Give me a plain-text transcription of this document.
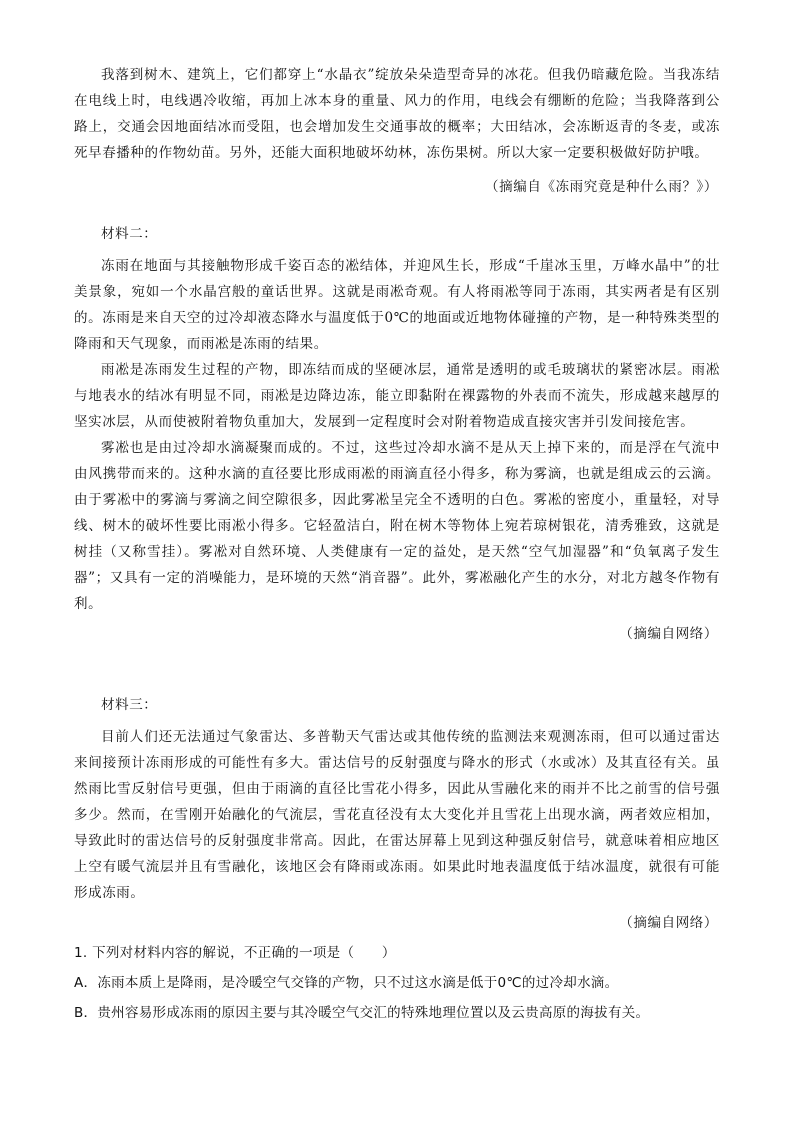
我落到树木、建筑上，它们都穿上“水晶衣”绽放朵朵造型奇异的冰花。但我仍暗藏危险。当我冻结在电线上时，电线遇冷收缩，再加上冰本身的重量、风力的作用，电线会有绷断的危险；当我降落到公路上，交通会因地面结冰而受阻，也会增加发生交通事故的概率；大田结冰，会冻断返青的冬麦，或冻死早春播种的作物幼苗。另外，还能大面积地破坏幼林，冻伤果树。所以大家一定要积极做好防护哦。

（摘编自《冻雨究竟是种什么雨？》）

材料二：

冻雨在地面与其接触物形成千姿百态的凇结体，并迎风生长，形成“千崖冰玉里，万峰水晶中”的壮美景象，宛如一个水晶宫般的童话世界。这就是雨凇奇观。有人将雨凇等同于冻雨，其实两者是有区别的。冻雨是来自天空的过冷却液态降水与温度低于0℃的地面或近地物体碰撞的产物，是一种特殊类型的降雨和天气现象，而雨凇是冻雨的结果。

雨凇是冻雨发生过程的产物，即冻结而成的坚硬冰层，通常是透明的或毛玻璃状的紧密冰层。雨凇与地表水的结冰有明显不同，雨凇是边降边冻，能立即黏附在裸露物的外表而不流失，形成越来越厚的坚实冰层，从而使被附着物负重加大，发展到一定程度时会对附着物造成直接灾害并引发间接危害。

雾凇也是由过冷却水滴凝聚而成的。不过，这些过冷却水滴不是从天上掉下来的，而是浮在气流中由风携带而来的。这种水滴的直径要比形成雨凇的雨滴直径小得多，称为雾滴，也就是组成云的云滴。由于雾凇中的雾滴与雾滴之间空隙很多，因此雾凇呈完全不透明的白色。雾凇的密度小，重量轻，对导线、树木的破坏性要比雨凇小得多。它轻盈洁白，附在树木等物体上宛若琼树银花，清秀雅致，这就是树挂（又称雪挂）。雾凇对自然环境、人类健康有一定的益处，是天然“空气加湿器”和“负氧离子发生器”；又具有一定的消噪能力，是环境的天然“消音器”。此外，雾凇融化产生的水分，对北方越冬作物有利。

（摘编自网络）

材料三：

目前人们还无法通过气象雷达、多普勒天气雷达或其他传统的监测法来观测冻雨，但可以通过雷达来间接预计冻雨形成的可能性有多大。雷达信号的反射强度与降水的形式（水或冰）及其直径有关。虽然雨比雪反射信号更强，但由于雨滴的直径比雪花小得多，因此从雪融化来的雨并不比之前雪的信号强多少。然而，在雪刚开始融化的气流层，雪花直径没有太大变化并且雪花上出现水滴，两者效应相加，导致此时的雷达信号的反射强度非常高。因此，在雷达屏幕上见到这种强反射信号，就意味着相应地区上空有暖气流层并且有雪融化，该地区会有降雨或冻雨。如果此时地表温度低于结冰温度，就很有可能形成冻雨。

（摘编自网络）

1. 下列对材料内容的解说，不正确的一项是（　　）

A．冻雨本质上是降雨，是冷暖空气交锋的产物，只不过这水滴是低于0℃的过冷却水滴。

B．贵州容易形成冻雨的原因主要与其冷暖空气交汇的特殊地理位置以及云贵高原的海拔有关。
